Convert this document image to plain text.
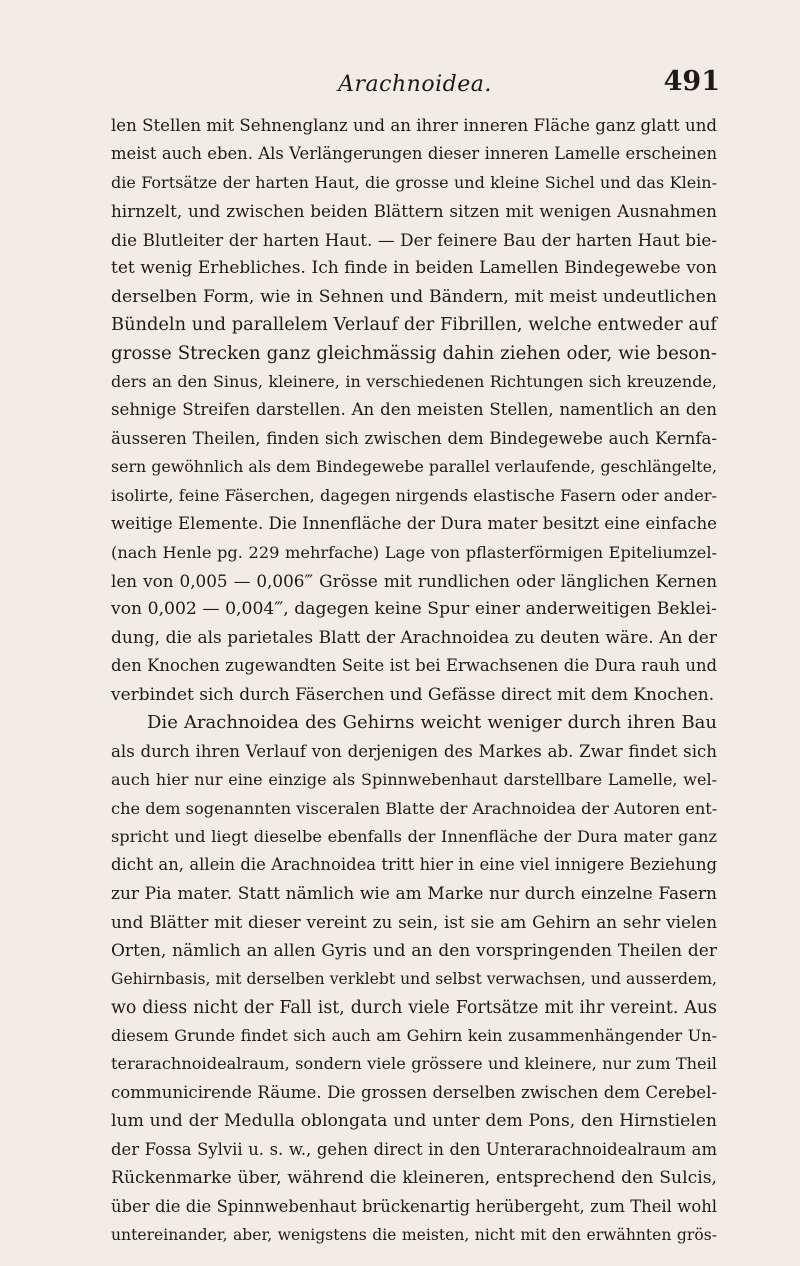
Arachnoidea.	491
len Stellen mit Sehnenglanz und an ihrer inneren Fläche ganz glatt und
meist auch eben. Als Verlängerungen dieser inneren Lamelle erscheinen
die Fortsätze der harten Haut, die grosse und kleine Sichel und das Klein-
hirnzelt, und zwischen beiden Blättern sitzen mit wenigen Ausnahmen
die Blutleiter der harten Haut. — Der feinere Bau der harten Haut bie-
tet wenig Erhebliches. Ich finde in beiden Lamellen Bindegewebe von
derselben Form, wie in Sehnen und Bändern, mit meist undeutlichen
Bündeln und parallelem Verlauf der Fibrillen, welche entweder auf
grosse Strecken ganz gleichmässig dahin ziehen oder, wie beson-
ders an den Sinus, kleinere, in verschiedenen Richtungen sich kreuzende,
sehnige Streifen darstellen. An den meisten Stellen, namentlich an den
äusseren Theilen, finden sich zwischen dem Bindegewebe auch Kernfa-
sern gewöhnlich als dem Bindegewebe parallel verlaufende, geschlängelte,
isolirte, feine Fäserchen, dagegen nirgends elastische Fasern oder ander-
weitige Elemente. Die Innenfläche der Dura mater besitzt eine einfache
(nach Henle pg. 229 mehrfache) Lage von pflasterförmigen Epiteliumzel-
len von 0,005 — 0,006‴ Grösse mit rundlichen oder länglichen Kernen
von 0,002 — 0,004‴, dagegen keine Spur einer anderweitigen Beklei-
dung, die als parietales Blatt der Arachnoidea zu deuten wäre. An der
den Knochen zugewandten Seite ist bei Erwachsenen die Dura rauh und
verbindet sich durch Fäserchen und Gefässe direct mit dem Knochen.
Die Arachnoidea des Gehirns weicht weniger durch ihren Bau
als durch ihren Verlauf von derjenigen des Markes ab. Zwar findet sich
auch hier nur eine einzige als Spinnwebenhaut darstellbare Lamelle, wel-
che dem sogenannten visceralen Blatte der Arachnoidea der Autoren ent-
spricht und liegt dieselbe ebenfalls der Innenfläche der Dura mater ganz
dicht an, allein die Arachnoidea tritt hier in eine viel innigere Beziehung
zur Pia mater. Statt nämlich wie am Marke nur durch einzelne Fasern
und Blätter mit dieser vereint zu sein, ist sie am Gehirn an sehr vielen
Orten, nämlich an allen Gyris und an den vorspringenden Theilen der
Gehirnbasis, mit derselben verklebt und selbst verwachsen, und ausserdem,
wo diess nicht der Fall ist, durch viele Fortsätze mit ihr vereint. Aus
diesem Grunde findet sich auch am Gehirn kein zusammenhängender Un-
terarachnoidealraum, sondern viele grössere und kleinere, nur zum Theil
communicirende Räume. Die grossen derselben zwischen dem Cerebel-
lum und der Medulla oblongata und unter dem Pons, den Hirnstielen
der Fossa Sylvii u. s. w., gehen direct in den Unterarachnoidealraum am
Rückenmarke über, während die kleineren, entsprechend den Sulcis,
über die die Spinnwebenhaut brückenartig herübergeht, zum Theil wohl
untereinander, aber, wenigstens die meisten, nicht mit den erwähnten grös-
